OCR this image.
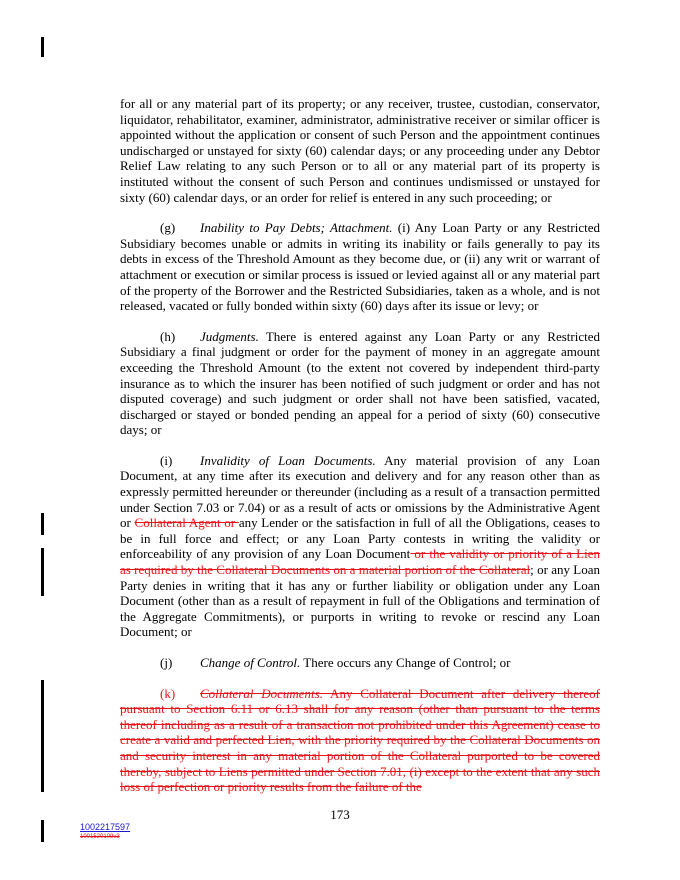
for all or any material part of its property; or any receiver, trustee, custodian, conservator, liquidator, rehabilitator, examiner, administrator, administrative receiver or similar officer is appointed without the application or consent of such Person and the appointment continues undischarged or unstayed for sixty (60) calendar days; or any proceeding under any Debtor Relief Law relating to any such Person or to all or any material part of its property is instituted without the consent of such Person and continues undismissed or unstayed for sixty (60) calendar days, or an order for relief is entered in any such proceeding; or

(g) Inability to Pay Debts; Attachment. (i) Any Loan Party or any Restricted Subsidiary becomes unable or admits in writing its inability or fails generally to pay its debts in excess of the Threshold Amount as they become due, or (ii) any writ or warrant of attachment or execution or similar process is issued or levied against all or any material part of the property of the Borrower and the Restricted Subsidiaries, taken as a whole, and is not released, vacated or fully bonded within sixty (60) days after its issue or levy; or

(h) Judgments. There is entered against any Loan Party or any Restricted Subsidiary a final judgment or order for the payment of money in an aggregate amount exceeding the Threshold Amount (to the extent not covered by independent third-party insurance as to which the insurer has been notified of such judgment or order and has not disputed coverage) and such judgment or order shall not have been satisfied, vacated, discharged or stayed or bonded pending an appeal for a period of sixty (60) consecutive days; or

(i) Invalidity of Loan Documents. Any material provision of any Loan Document, at any time after its execution and delivery and for any reason other than as expressly permitted hereunder or thereunder (including as a result of a transaction permitted under Section 7.03 or 7.04) or as a result of acts or omissions by the Administrative Agent or Collateral Agent or any Lender or the satisfaction in full of all the Obligations, ceases to be in full force and effect; or any Loan Party contests in writing the validity or enforceability of any provision of any Loan Document or the validity or priority of a Lien as required by the Collateral Documents on a material portion of the Collateral; or any Loan Party denies in writing that it has any or further liability or obligation under any Loan Document (other than as a result of repayment in full of the Obligations and termination of the Aggregate Commitments), or purports in writing to revoke or rescind any Loan Document; or

(j) Change of Control. There occurs any Change of Control; or

(k) Collateral Documents. Any Collateral Document after delivery thereof pursuant to Section 6.11 or 6.13 shall for any reason (other than pursuant to the terms thereof including as a result of a transaction not prohibited under this Agreement) cease to create a valid and perfected Lien, with the priority required by the Collateral Documents on and security interest in any material portion of the Collateral purported to be covered thereby, subject to Liens permitted under Section 7.01, (i) except to the extent that any such loss of perfection or priority results from the failure of the

173
1002217597
1001520109v3
